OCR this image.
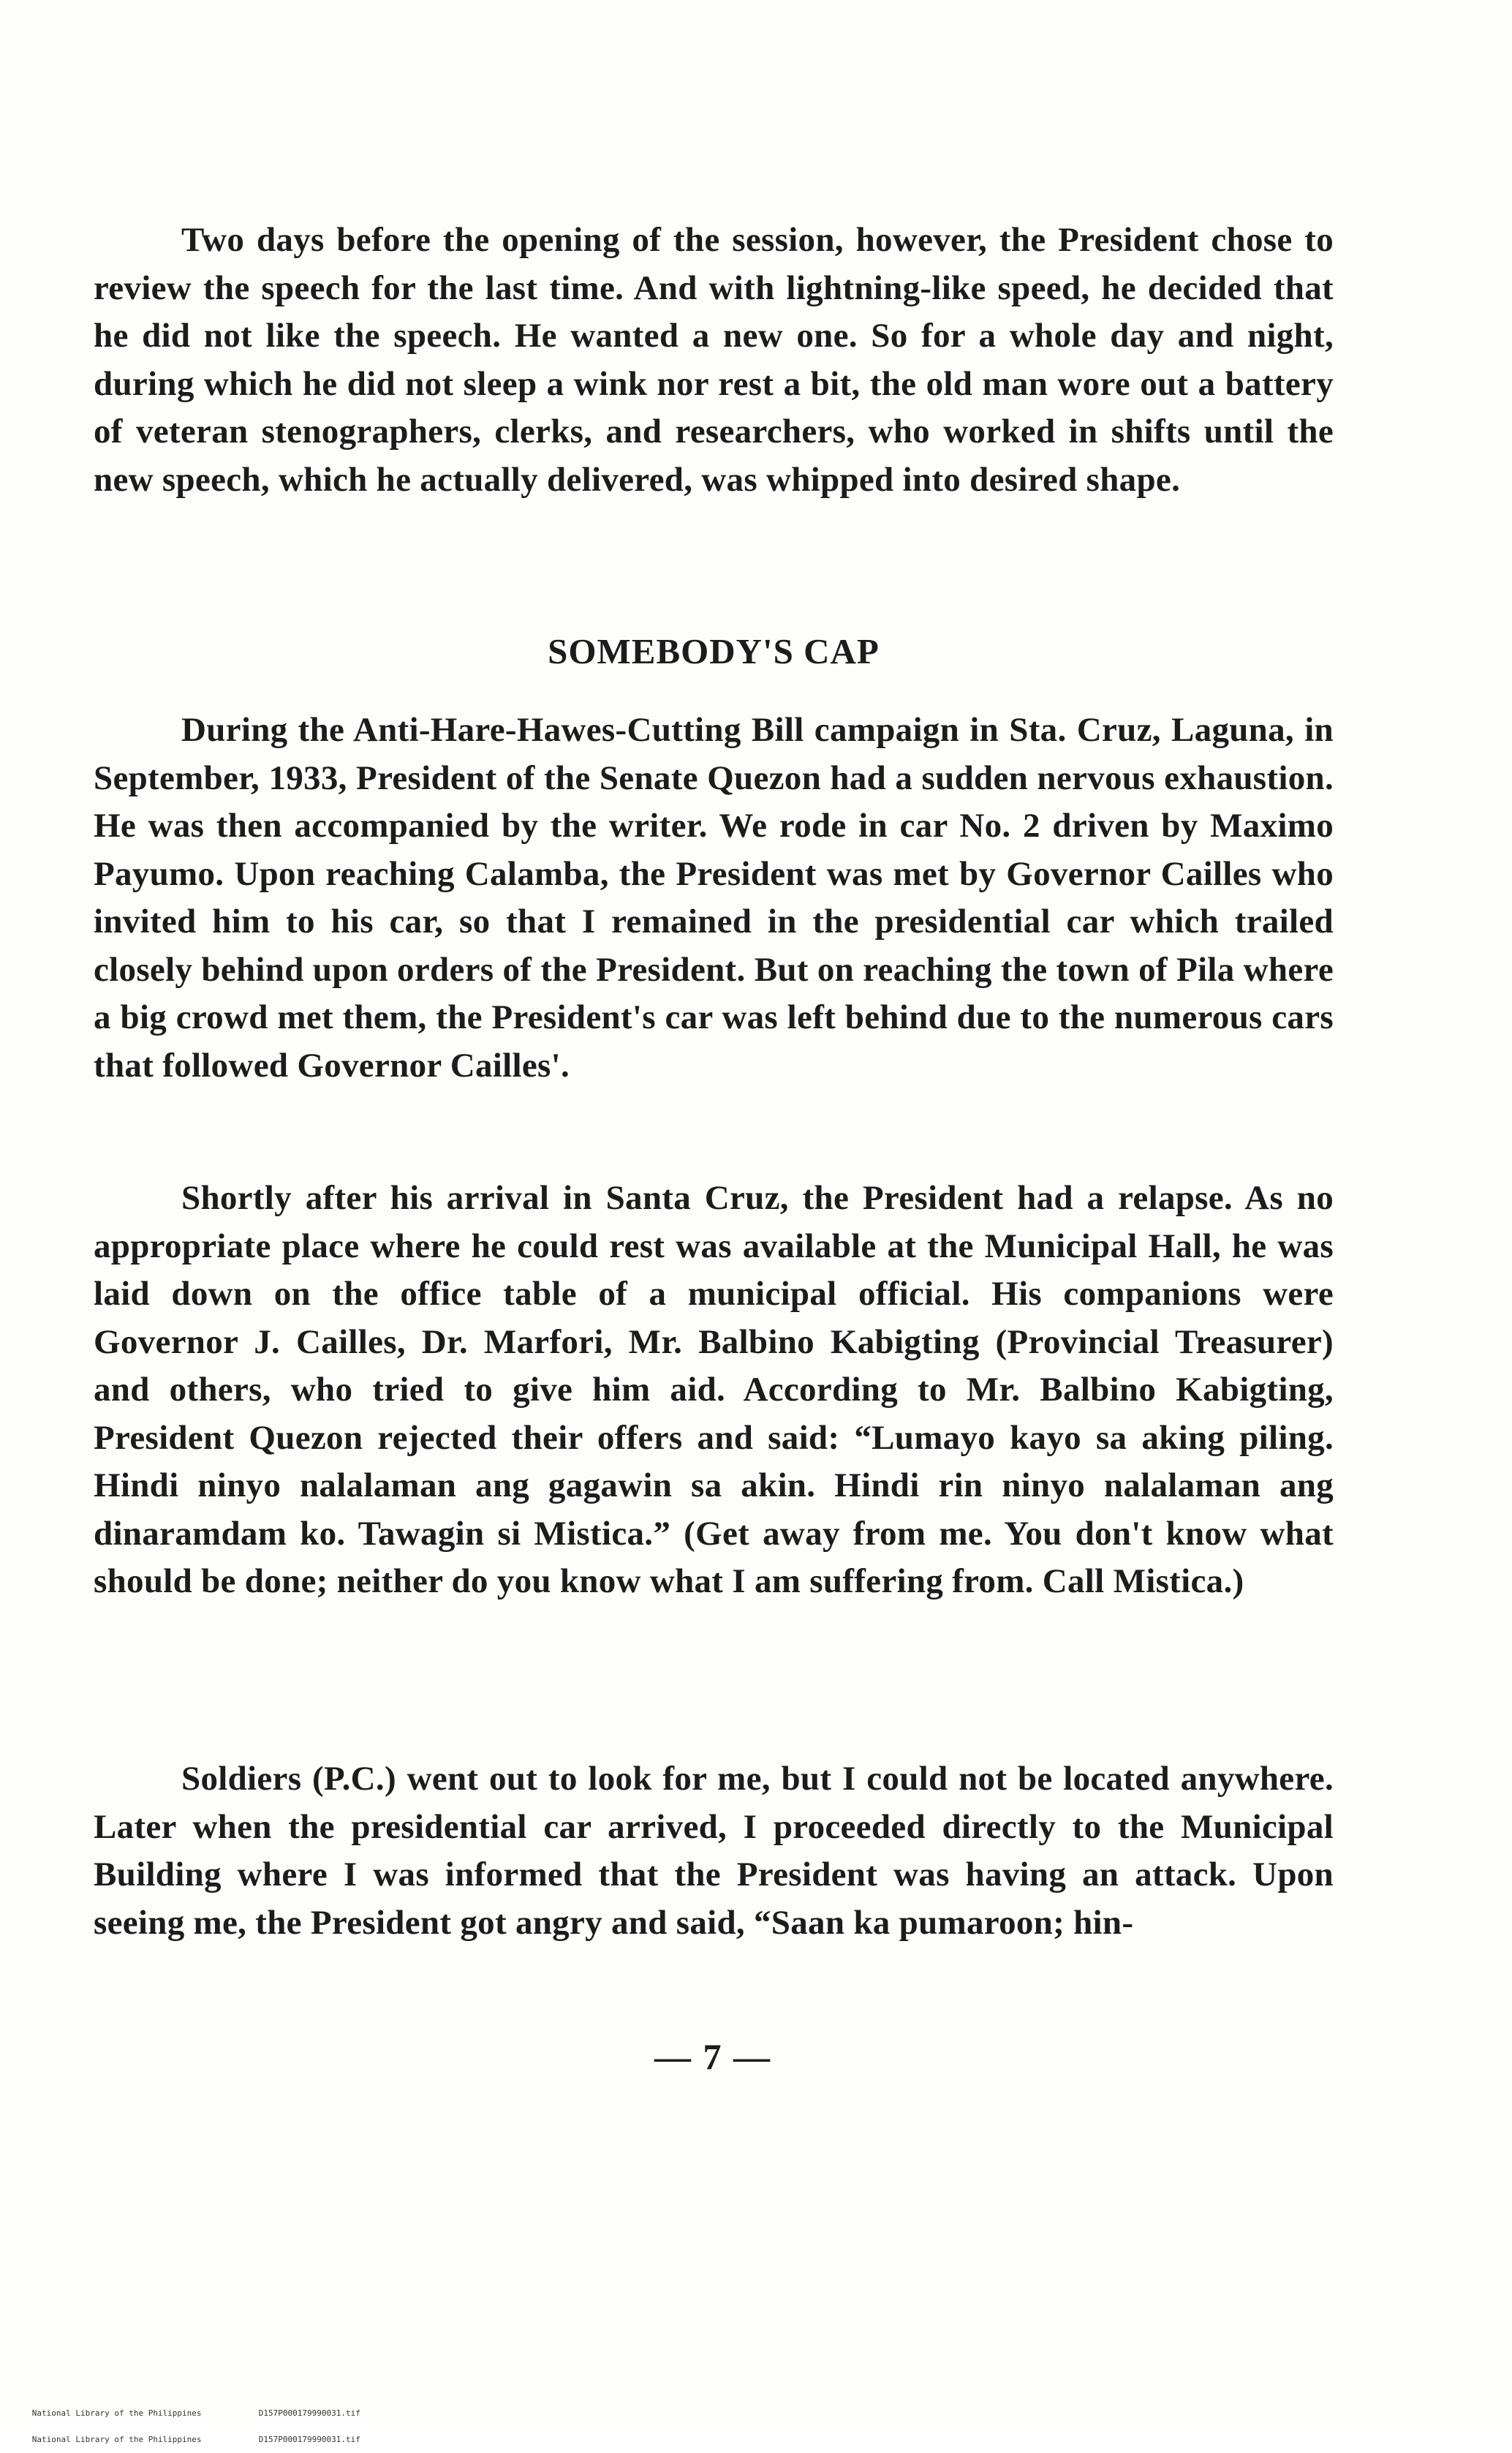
Two days before the opening of the session, however, the President chose to review the speech for the last time. And with lightning-like speed, he decided that he did not like the speech. He wanted a new one. So for a whole day and night, during which he did not sleep a wink nor rest a bit, the old man wore out a battery of veteran stenographers, clerks, and researchers, who worked in shifts until the new speech, which he actually delivered, was whipped into desired shape.

SOMEBODY'S CAP

During the Anti-Hare-Hawes-Cutting Bill campaign in Sta. Cruz, Laguna, in September, 1933, President of the Senate Quezon had a sudden nervous exhaustion. He was then accompanied by the writer. We rode in car No. 2 driven by Maximo Payumo. Upon reaching Calamba, the President was met by Governor Cailles who invited him to his car, so that I remained in the presidential car which trailed closely behind upon orders of the President. But on reaching the town of Pila where a big crowd met them, the President's car was left behind due to the numerous cars that followed Governor Cailles'.

Shortly after his arrival in Santa Cruz, the President had a relapse. As no appropriate place where he could rest was available at the Municipal Hall, he was laid down on the office table of a municipal official. His companions were Governor J. Cailles, Dr. Marfori, Mr. Balbino Kabigting (Provincial Treasurer) and others, who tried to give him aid. According to Mr. Balbino Kabigting, President Quezon rejected their offers and said: “Lumayo kayo sa aking piling. Hindi ninyo nalalaman ang gagawin sa akin. Hindi rin ninyo nalalaman ang dinaramdam ko. Tawagin si Mistica.” (Get away from me. You don't know what should be done; neither do you know what I am suffering from. Call Mistica.)

Soldiers (P.C.) went out to look for me, but I could not be located anywhere. Later when the presidential car arrived, I proceeded directly to the Municipal Building where I was informed that the President was having an attack. Upon seeing me, the President got angry and said, “Saan ka pumaroon; hin-

— 7 —

National Library of the Philippines	D157P000179990031.tif

National Library of the Philippines	D157P000179990031.tif
